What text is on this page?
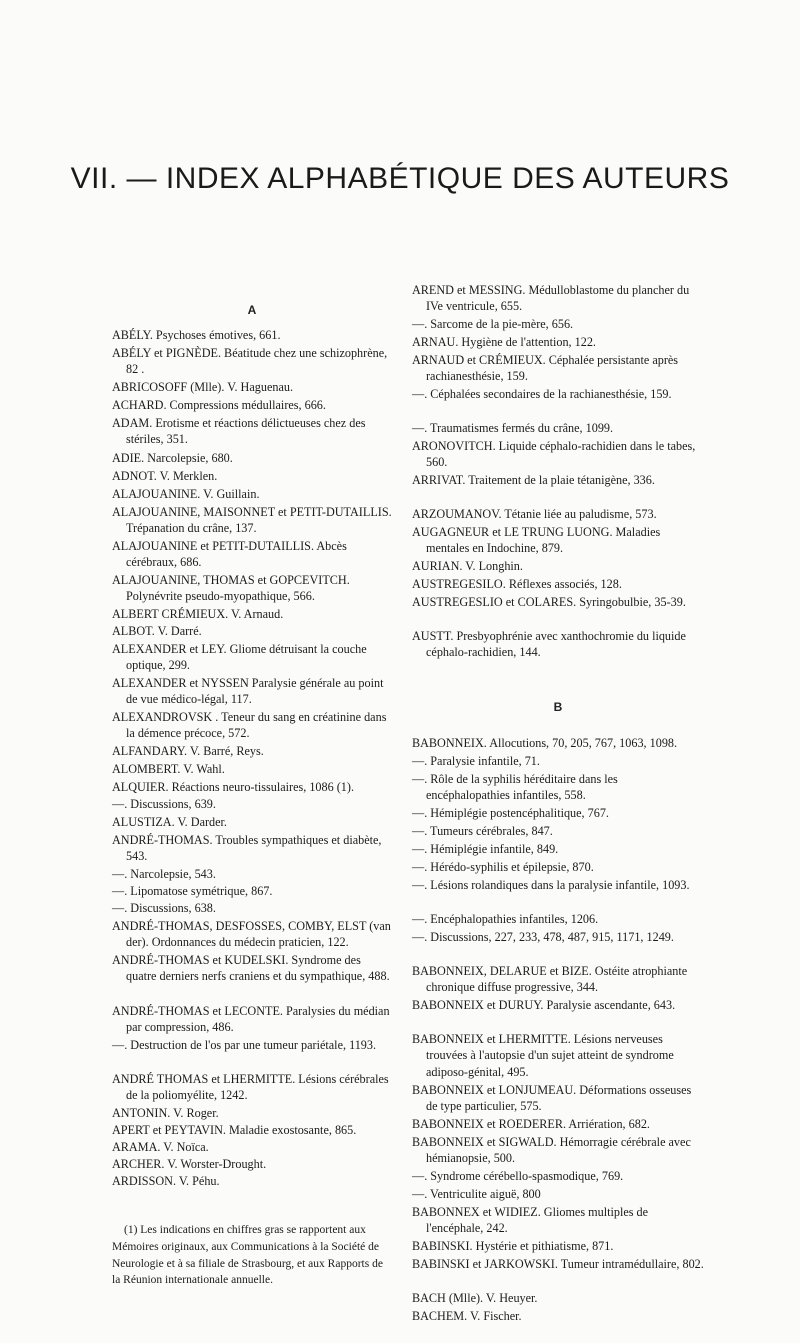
VII. — INDEX ALPHABÉTIQUE DES AUTEURS
A
ABÉLY. Psychoses émotives, 661.
ABÉLY et PIGNÈDE. Béatitude chez une schizophrène, 82 .
ABRICOSOFF (Mlle). V. Haguenau.
ACHARD. Compressions médullaires, 666.
ADAM. Erotisme et réactions délictueuses chez des stériles, 351.
ADIE. Narcolepsie, 680.
ADNOT. V. Merklen.
ALAJOUANINE. V. Guillain.
ALAJOUANINE, MAISONNET et PETIT-DUTAILLIS. Trépanation du crâne, 137.
ALAJOUANINE et PETIT-DUTAILLIS. Abcès cérébraux, 686.
ALAJOUANINE, THOMAS et GOPCEVITCH. Polynévrite pseudo-myopathique, 566.
ALBERT CRÉMIEUX. V. Arnaud.
ALBOT. V. Darré.
ALEXANDER et LEY. Gliome détruisant la couche optique, 299.
ALEXANDER et NYSSEN Paralysie générale au point de vue médico-légal, 117.
ALEXANDROVSK . Teneur du sang en créatinine dans la démence précoce, 572.
ALFANDARY. V. Barré, Reys.
ALOMBERT. V. Wahl.
ALQUIER. Réactions neuro-tissulaires, 1086 (1).
—. Discussions, 639.
ALUSTIZA. V. Darder.
ANDRÉ-THOMAS. Troubles sympathiques et diabète, 543.
—. Narcolepsie, 543.
—. Lipomatose symétrique, 867.
—. Discussions, 638.
ANDRÉ-THOMAS, DESFOSSES, COMBY, ELST (van der). Ordonnances du médecin praticien, 122.
ANDRÉ-THOMAS et KUDELSKI. Syndrome des quatre derniers nerfs craniens et du sympathique, 488.
ANDRÉ-THOMAS et LECONTE. Paralysies du médian par compression, 486.
—. Destruction de l'os par une tumeur pariétale, 1193.
ANDRÉ THOMAS et LHERMITTE. Lésions cérébrales de la poliomyélite, 1242.
ANTONIN. V. Roger.
APERT et PEYTAVIN. Maladie exostosante, 865.
ARAMA. V. Noïca.
ARCHER. V. Worster-Drought.
ARDISSON. V. Péhu.
(1) Les indications en chiffres gras se rapportent aux Mémoires originaux, aux Communications à la Société de Neurologie et à sa filiale de Strasbourg, et aux Rapports de la Réunion internationale annuelle.
AREND et MESSING. Médulloblastome du plancher du IVe ventricule, 655.
—. Sarcome de la pie-mère, 656.
ARNAU. Hygiène de l'attention, 122.
ARNAUD et CRÉMIEUX. Céphalée persistante après rachianesthésie, 159.
—. Céphalées secondaires de la rachianesthésie, 159.
—. Traumatismes fermés du crâne, 1099.
ARONOVITCH. Liquide céphalo-rachidien dans le tabes, 560.
ARRIVAT. Traitement de la plaie tétanigène, 336.
ARZOUMANOV. Tétanie liée au paludisme, 573.
AUGAGNEUR et LE TRUNG LUONG. Maladies mentales en Indochine, 879.
AURIAN. V. Longhin.
AUSTREGESILO. Réflexes associés, 128.
AUSTREGESLIO et COLARES. Syringobulbie, 35-39.
AUSTT. Presbyophrénie avec xanthochromie du liquide céphalo-rachidien, 144.
B
BABONNEIX. Allocutions, 70, 205, 767, 1063, 1098.
—. Paralysie infantile, 71.
—. Rôle de la syphilis héréditaire dans les encéphalopathies infantiles, 558.
—. Hémiplégie postencéphalitique, 767.
—. Tumeurs cérébrales, 847.
—. Hémiplégie infantile, 849.
—. Hérédo-syphilis et épilepsie, 870.
—. Lésions rolandiques dans la paralysie infantile, 1093.
—. Encéphalopathies infantiles, 1206.
—. Discussions, 227, 233, 478, 487, 915, 1171, 1249.
BABONNEIX, DELARUE et BIZE. Ostéite atrophiante chronique diffuse progressive, 344.
BABONNEIX et DURUY. Paralysie ascendante, 643.
BABONNEIX et LHERMITTE. Lésions nerveuses trouvées à l'autopsie d'un sujet atteint de syndrome adiposo-génital, 495.
BABONNEIX et LONJUMEAU. Déformations osseuses de type particulier, 575.
BABONNEIX et ROEDERER. Arriération, 682.
BABONNEIX et SIGWALD. Hémorragie cérébrale avec hémianopsie, 500.
—. Syndrome cérébello-spasmodique, 769.
—. Ventriculite aiguë, 800
BABONNEX et WIDIEZ. Gliomes multiples de l'encéphale, 242.
BABINSKI. Hystérie et pithiatisme, 871.
BABINSKI et JARKOWSKI. Tumeur intramédullaire, 802.
BACH (Mlle). V. Heuyer.
BACHEM. V. Fischer.
